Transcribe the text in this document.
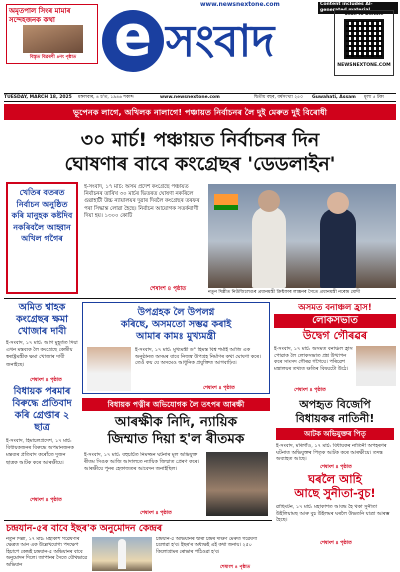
অমৃতপাল সিংৰ মামাৰ সন্দেহজনক কথা
বিস্তৃত বিৱৰণী ৪নং পৃষ্ঠাত
www.newsnextone.com
e সংবাদ
Content includes AI-generated material
Scan to Donate
NEWSNEXTONE.COM
TUESDAY, MARCH 18, 2025 মঙ্গলবাৰ, ৪ চ'ত, ১৯৪৬ শকাব্দ	www.newsnextone.com	দ্বিতীয় বছৰ, বৰ্ষসংখ্যা ২৫০ Guwahati, Assam মূল্য ৫ টকা
ভূপেনক লাগে, অখিলক নালাগে! পঞ্চায়ত নিৰ্বাচনৰ লৈ দুই মেৰুত দুই বিৰোধী
৩০ মাৰ্চ! পঞ্চায়ত নিৰ্বাচনৰ দিন
ঘোষণাৰ বাবে কংগ্ৰেছৰ 'ডেডলাইন'
খেতিৰ বতৰত নিৰ্বাচন অনুষ্ঠিত কৰি মানুহক কষ্টদিব নকৰিবলৈ আহ্বান অখিল গগৈৰ
ই-সংবাদ, ১৭ মাৰ্চ: অসম প্ৰদেশ কংগ্ৰেছে পঞ্চায়ত নিৰ্বাচনৰ তাৰিখ ৩০ মাৰ্চৰ ভিতৰত ঘোষণা নকৰিলে গুৱাহাটী উচ্চ ন্যায়ালয়ৰ দুৱাৰ দিবলৈ কংগ্ৰেছৰ তৰফৰ পৰা সিদ্ধান্ত লোৱা হৈছে। নিৰ্বাচন আয়োগক সতৰ্কবাণী দিয়া হয়। ১৩০০ কোটি
শেষাংশ ৪ পৃষ্ঠাত
নতুন দিল্লীত নিউজিলেণ্ডৰ প্ৰধানমন্ত্ৰী ক্ৰিষ্টফাৰ লাক্সনৰ সৈতে প্ৰধানমন্ত্ৰী নৰেন্দ্ৰ মোদী
অমিত শ্বাহক কংগ্ৰেছৰ ক্ষমা খোজাৰ দাবী
ই-সংবাদ, ১৭ মাৰ্চ: আগ মুহূৰ্তত দিয়া এখন মন্তব্যক লৈ কংগ্ৰেছে কেন্দ্ৰীয় স্বৰাষ্ট্ৰমন্ত্ৰীক ক্ষমা খোজাৰ দাবী জনাইছে।
শেষাংশ ৪ পৃষ্ঠাত
বিধায়ক পৰমাৰ বিৰুদ্ধে প্ৰতিবাদ কৰি গ্ৰেপ্তাৰ ২ ছাত্ৰ
ই-সংবাদ, হিমাচলপ্ৰদেশ, ১৭ মাৰ্চ: বিধায়কজনৰ বিৰুদ্ধে অপমানজনক মন্তব্যৰ প্ৰতিবাদ কৰোঁতে দুজন ছাত্ৰক আটক কৰে আৰক্ষীয়ে।
শেষাংশ ৪ পৃষ্ঠাত
উপগ্ৰহক লৈ উপলগ্ন
কৰিছে, অসমতো সম্ভৱ কৰাই
আমাৰ কামঃ মুখ্যমন্ত্ৰী
ই-সংবাদ, ১৭ মাৰ্চ: মুখ্যমন্ত্ৰী ড° হিমন্ত বিশ্ব শৰ্মাই আজি এক অনুষ্ঠানত অসমৰ বাবে নিজস্ব উপগ্ৰহ নিৰ্মাণৰ কথা ঘোষণা কৰে। তেওঁ কয় যে অসমেও আধুনিক প্ৰযুক্তিত আগবাঢ়িব।
শেষাংশ ৪ পৃষ্ঠাত
বিধায়ক পত্নীৰ অভিযোগক লৈ তৎপৰ আৰক্ষী
আৰক্ষীক নিদি, ন্যায়িক
জিম্মাত দিয়া হ'ল ৰীতমক
ই-সংবাদ, ১৭ মাৰ্চ: বহুচৰ্চিত নিমজ্জন ঘটনাৰ মূল অভিযুক্ত ৰীতম সিঙক আজি আদালতে ন্যায়িক জিম্মাত প্ৰেৰণ কৰে। আৰক্ষীয়ে পুনৰ হেফাজতৰ আবেদন জনাইছিল।
শেষাংশ ৪ পৃষ্ঠাত
অসমত বনাঞ্চল হ্ৰাস!
লোকসভাত
উদ্বেগ গৌৰৱৰ
ই-সংবাদ, ১৭ মাৰ্চ: অসমত বনাঞ্চল হ্ৰাস পোৱাক লৈ লোকসভাত প্ৰশ্ন উত্থাপন কৰে সাংসদ গৌৰৱ গগৈয়ে। পৰিৱেশ মন্ত্ৰালয়ৰ তথ্যত ক্ষতিৰ বিষয়টো উঠে।
শেষাংশ ৪ পৃষ্ঠাত
অপহৃত বিজেপি
বিধায়কৰ নাতিনী!
আটক অভিযুক্তৰ পিতৃ
ই-সংবাদ, মৰিগাঁও, ১৭ মাৰ্চ: বিধায়কৰ নাতিনী অপহৰণৰ ঘটনাত অভিযুক্তৰ পিতৃক আটক কৰে আৰক্ষীয়ে। তদন্ত অব্যাহত আছে।
শেষাংশ ৪ পৃষ্ঠাত
ঘৰলৈ আহি
আছে সুনীতা-বুচ!
ৱাছিংটন, ১৭ মাৰ্চ: মহাকাশত আবদ্ধ হৈ থকা সুনীতা উইলিয়ামছ আৰু বুচ উইলমৰ ঘৰলৈ উভতনি যাত্ৰা আৰম্ভ হৈছে।
শেষাংশ ৪ পৃষ্ঠাত
চন্দ্ৰযান-৫ৰ বাবে ইছৰ'ক অনুমোদন কেন্দ্ৰৰ
নতুন দিল্লী, ১৭ মাৰ্চ: মহাকাশ গৱেষণাৰ ক্ষেত্ৰত আন এক উল্লেখযোগ্য পদক্ষেপ হিচাপে কেন্দ্ৰই চন্দ্ৰযান-৫ অভিযানৰ বাবে অনুমোদন দিলে। জাপানৰ সৈতে যৌথভাৱে অভিযান
চন্দ্ৰযান-৫ অভিযানৰ দ্বাৰা চন্দ্ৰৰ দক্ষিণ মেৰুত গৱেষণা চলোৱা হ'ব। ইছৰ'ৰ অধ্যক্ষই এই কথা জনায়। ২৫০ কিলোগ্ৰামৰ ৰোভাৰ পঠিওৱা হ'ব।
শেষাংশ ৪ পৃষ্ঠাত
